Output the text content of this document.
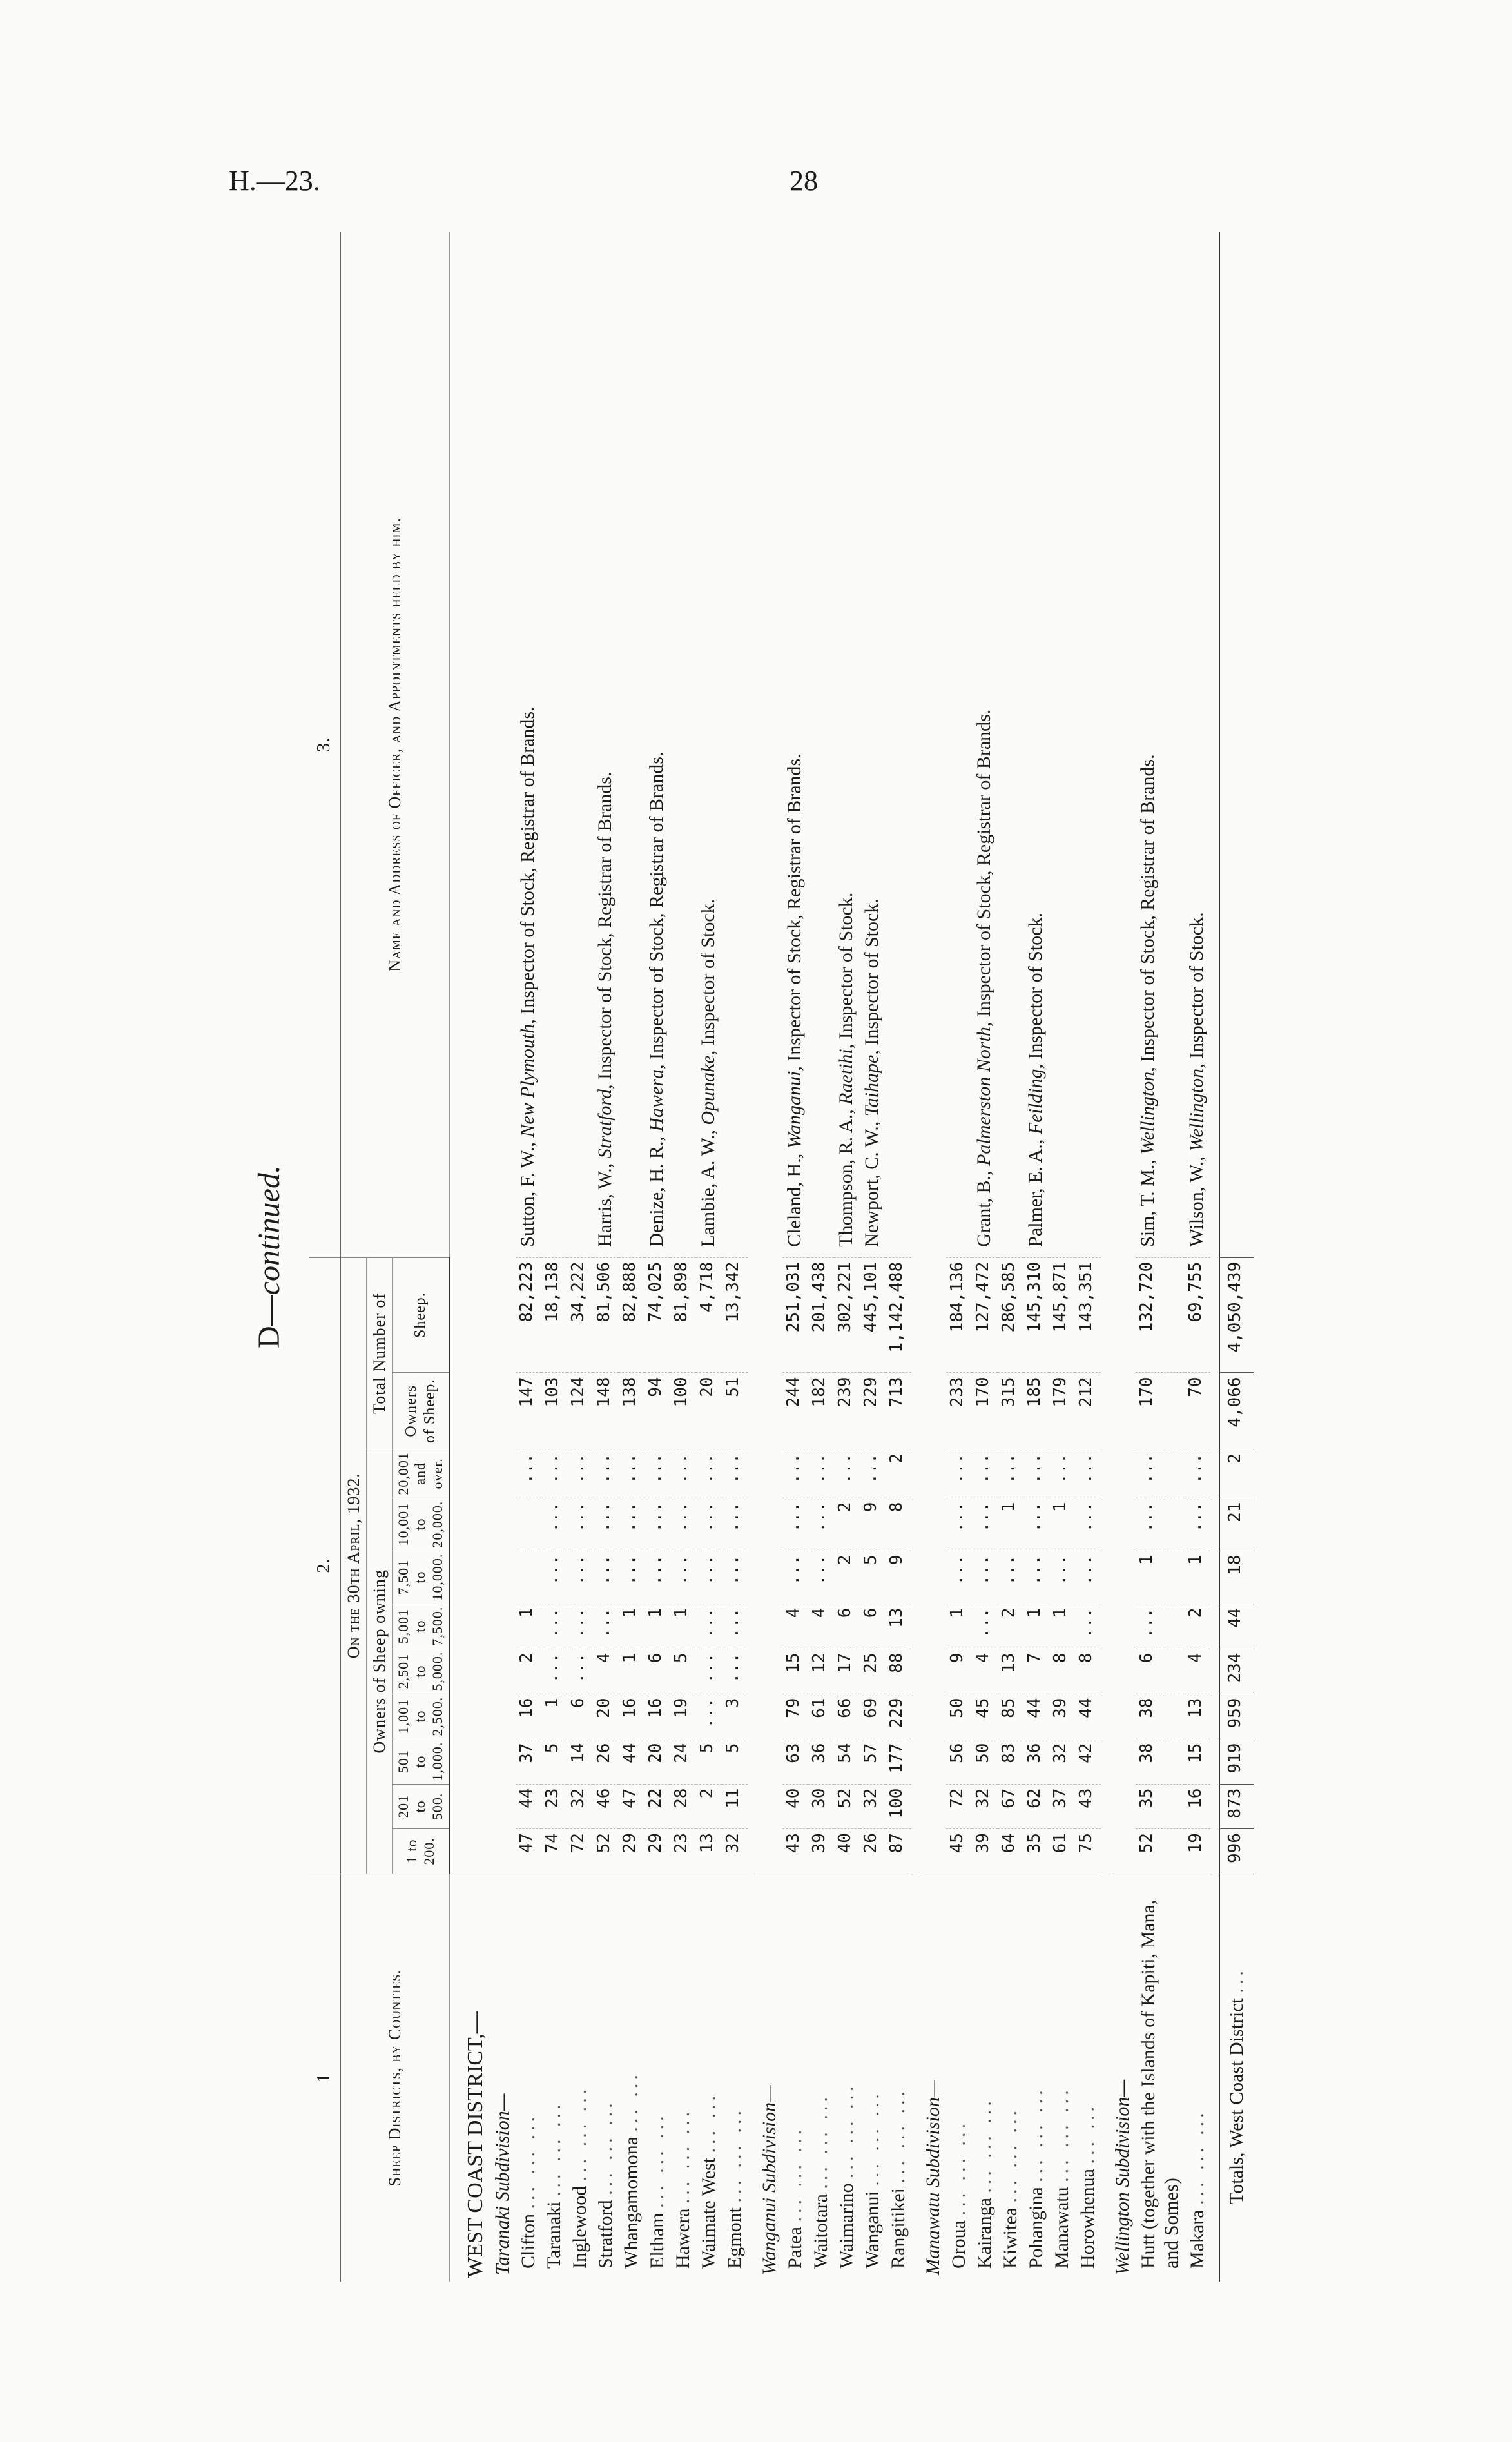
H.—23.	28
D—continued.
1	2.											3.
Sheep Districts, by Counties.	On the 30th April, 1932.											Name and Address of Officer, and Appointments held by him.
	Owners of Sheep owning									Total Number of		
	1 to 200.	201 to 500.	501 to 1,000.	1,001 to 2,500.	2,501 to 5,000.	5,001 to 7,500.	7,501 to 10,000.	10,001 to 20,000.	20,001 and over.	Owners of Sheep.	Sheep.	
WEST COAST DISTRICT,—												
Taranaki Subdivision—												
Clifton ... ... ...	47	44	37	16	2	1			...	147	82,223	Sutton, F. W., New Plymouth, Inspector of Stock, Registrar of Brands.
Taranaki ... ... ...	74	23	5	1	...	...	...	...	...	103	18,138	
Inglewood ... ... ...	72	32	14	6	...	...	...	...	...	124	34,222	
Stratford ... ... ...	52	46	26	20	4	...	...	...	...	148	81,506	Harris, W., Stratford, Inspector of Stock, Registrar of Brands.
Whangamomona ... ...	29	47	44	16	1	1	...	...	...	138	82,888	
Eltham ... ... ...	29	22	20	16	6	1	...	...	...	94	74,025	Denize, H. R., Hawera, Inspector of Stock, Registrar of Brands.
Hawera ... ... ...	23	28	24	19	5	1	...	...	...	100	81,898	
Waimate West ... ...	13	2	5	...	...	...	...	...	...	20	4,718	Lambie, A. W., Opunake, Inspector of Stock.
Egmont ... ... ...	32	11	5	3	...	...	...	...	...	51	13,342	

Wanganui Subdivision—												
Patea ... ... ...	43	40	63	79	15	4	...	...	...	244	251,031	Cleland, H., Wanganui, Inspector of Stock, Registrar of Brands.
Waitotara ... ... ...	39	30	36	61	12	4	...	...	...	182	201,438	
Waimarino ... ... ...	40	52	54	66	17	6	2	2	...	239	302,221	Thompson, R. A., Raetihi, Inspector of Stock.
Wanganui ... ... ...	26	32	57	69	25	6	5	9	...	229	445,101	Newport, C. W., Taihape, Inspector of Stock.
Rangitikei ... ... ...	87	100	177	229	88	13	9	8	2	713	1,142,488	

Manawatu Subdivision—												
Oroua ... ... ...	45	72	56	50	9	1	...	...	...	233	184,136	
Kairanga ... ... ...	39	32	50	45	4	...	...	...	...	170	127,472	Grant, B., Palmerston North, Inspector of Stock, Registrar of Brands.
Kiwitea ... ... ...	64	67	83	85	13	2	...	1	...	315	286,585	
Pohangina ... ... ...	35	62	36	44	7	1	...	...	...	185	145,310	Palmer, E. A., Feilding, Inspector of Stock.
Manawatu ... ... ...	61	37	32	39	8	1	...	1	...	179	145,871	
Horowhenua ... ...	75	43	42	44	8	...	...	...	...	212	143,351	

Wellington Subdivision—												
Hutt (together with the Islands of Kapiti, Mana, and Somes)	52	35	38	38	6	...	1	...	...	170	132,720	Sim, T. M., Wellington, Inspector of Stock, Registrar of Brands.
Makara ... ... ...	19	16	15	13	4	2	1	...	...	70	69,755	Wilson, W., Wellington, Inspector of Stock.

Totals, West Coast District ...	996	873	919	959	234	44	18	21	2	4,066	4,050,439	
